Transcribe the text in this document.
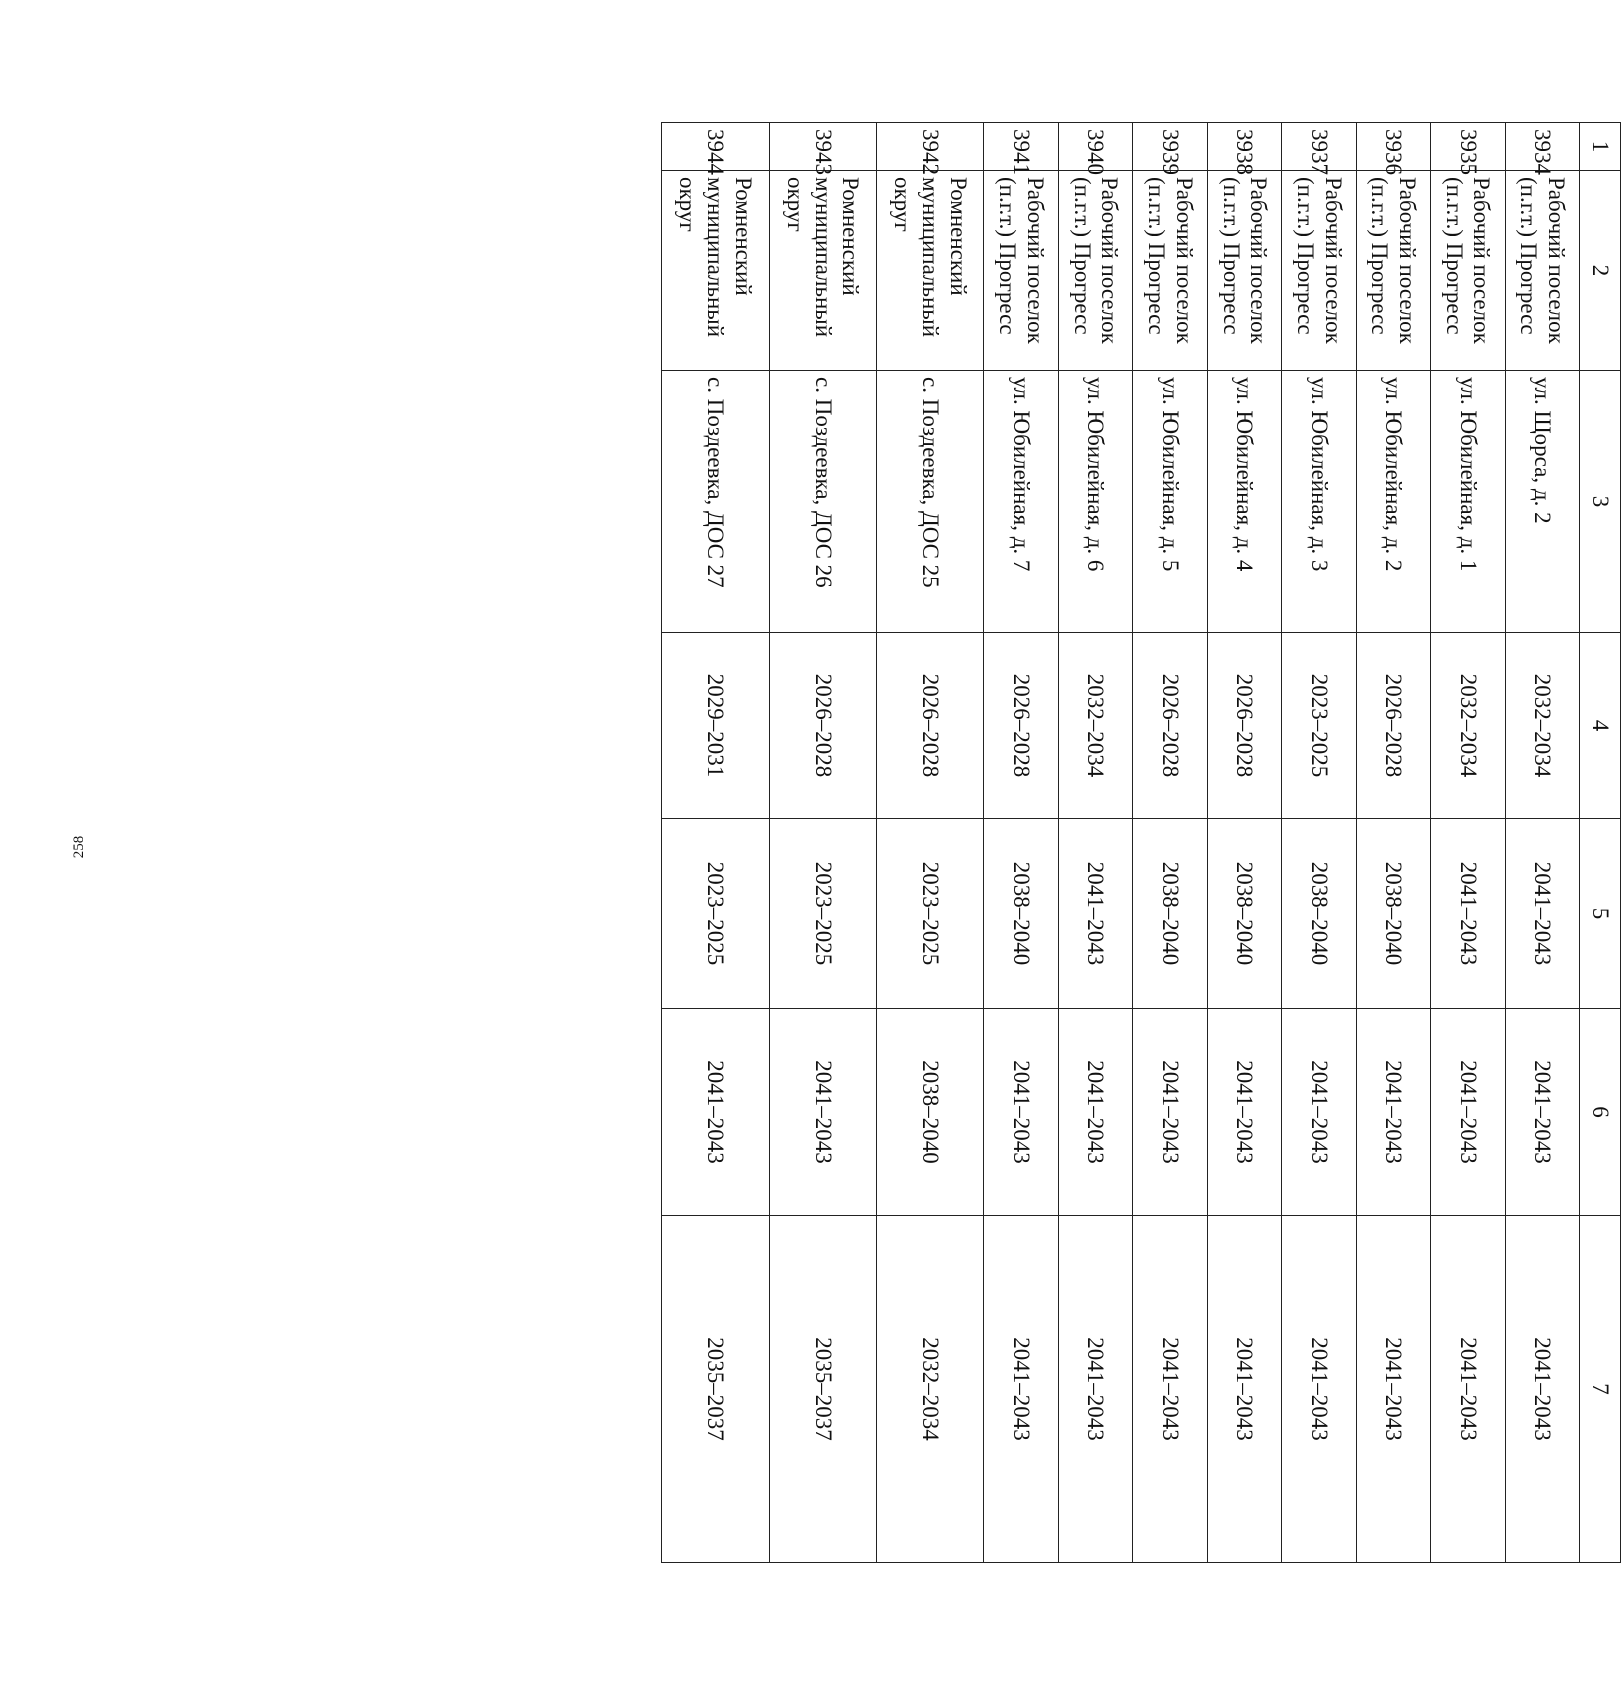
258
1	2	3	4	5	6	7
3934	Рабочий поселок (п.г.т.) Прогресс	ул. Щорса, д. 2	2032–2034	2041–2043	2041–2043	2041–2043
3935	Рабочий поселок (п.г.т.) Прогресс	ул. Юбилейная, д. 1	2032–2034	2041–2043	2041–2043	2041–2043
3936	Рабочий поселок (п.г.т.) Прогресс	ул. Юбилейная, д. 2	2026–2028	2038–2040	2041–2043	2041–2043
3937	Рабочий поселок (п.г.т.) Прогресс	ул. Юбилейная, д. 3	2023–2025	2038–2040	2041–2043	2041–2043
3938	Рабочий поселок (п.г.т.) Прогресс	ул. Юбилейная, д. 4	2026–2028	2038–2040	2041–2043	2041–2043
3939	Рабочий поселок (п.г.т.) Прогресс	ул. Юбилейная, д. 5	2026–2028	2038–2040	2041–2043	2041–2043
3940	Рабочий поселок (п.г.т.) Прогресс	ул. Юбилейная, д. 6	2032–2034	2041–2043	2041–2043	2041–2043
3941	Рабочий поселок (п.г.т.) Прогресс	ул. Юбилейная, д. 7	2026–2028	2038–2040	2041–2043	2041–2043
3942	Ромненский муниципальный округ	с. Поздеевка, ДОС 25	2026–2028	2023–2025	2038–2040	2032–2034
3943	Ромненский муниципальный округ	с. Поздеевка, ДОС 26	2026–2028	2023–2025	2041–2043	2035–2037
3944	Ромненский муниципальный округ	с. Поздеевка, ДОС 27	2029–2031	2023–2025	2041–2043	2035–2037
